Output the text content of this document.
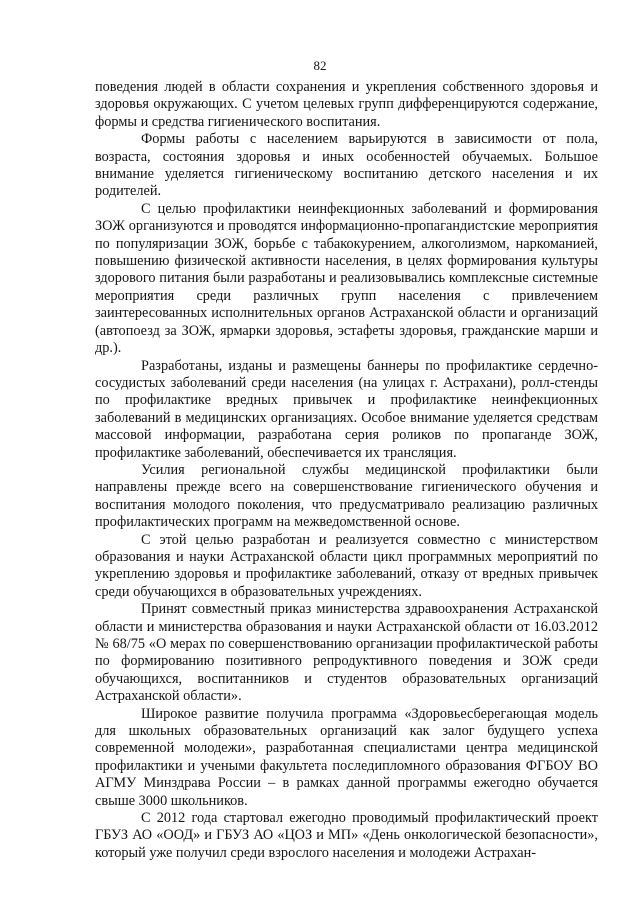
82

поведения людей в области сохранения и укрепления собственного здоровья и здоровья окружающих. С учетом целевых групп дифференцируются содержание, формы и средства гигиенического воспитания.

Формы работы с населением варьируются в зависимости от пола, возраста, состояния здоровья и иных особенностей обучаемых. Большое внимание уделяется гигиеническому воспитанию детского населения и их родителей.

С целью профилактики неинфекционных заболеваний и формирования ЗОЖ организуются и проводятся информационно-пропагандистские мероприятия по популяризации ЗОЖ, борьбе с табакокурением, алкоголизмом, наркоманией, повышению физической активности населения, в целях формирования культуры здорового питания были разработаны и реализовывались комплексные системные мероприятия среди различных групп населения с привлечением заинтересованных исполнительных органов Астраханской области и организаций (автопоезд за ЗОЖ, ярмарки здоровья, эстафеты здоровья, гражданские марши и др.).

Разработаны, изданы и размещены баннеры по профилактике сердечно-сосудистых заболеваний среди населения (на улицах г. Астрахани), ролл-стенды по профилактике вредных привычек и профилактике неинфекционных заболеваний в медицинских организациях. Особое внимание уделяется средствам массовой информации, разработана серия роликов по пропаганде ЗОЖ, профилактике заболеваний, обеспечивается их трансляция.

Усилия региональной службы медицинской профилактики были направлены прежде всего на совершенствование гигиенического обучения и воспитания молодого поколения, что предусматривало реализацию различных профилактических программ на межведомственной основе.

С этой целью разработан и реализуется совместно с министерством образования и науки Астраханской области цикл программных мероприятий по укреплению здоровья и профилактике заболеваний, отказу от вредных привычек среди обучающихся в образовательных учреждениях.

Принят совместный приказ министерства здравоохранения Астраханской области и министерства образования и науки Астраханской области от 16.03.2012 № 68/75 «О мерах по совершенствованию организации профилактической работы по формированию позитивного репродуктивного поведения и ЗОЖ среди обучающихся, воспитанников и студентов образовательных организаций Астраханской области».

Широкое развитие получила программа «Здоровьесберегающая модель для школьных образовательных организаций как залог будущего успеха современной молодежи», разработанная специалистами центра медицинской профилактики и учеными факультета последипломного образования ФГБОУ ВО АГМУ Минздрава России – в рамках данной программы ежегодно обучается свыше 3000 школьников.

С 2012 года стартовал ежегодно проводимый профилактический проект ГБУЗ АО «ООД» и ГБУЗ АО «ЦОЗ и МП» «День онкологической безопасности», который уже получил среди взрослого населения и молодежи Астрахан-
